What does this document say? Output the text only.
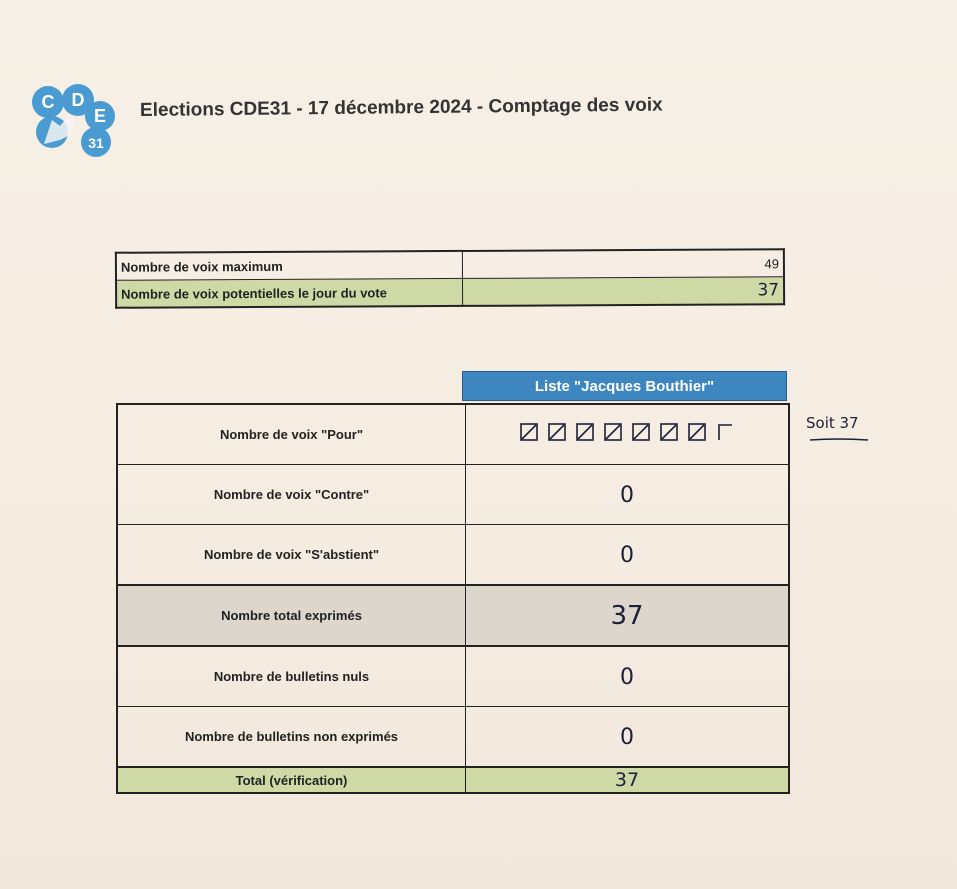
C D
E
31
Elections CDE31 - 17 décembre 2024 - Comptage des voix
Nombre de voix maximum	49
Nombre de voix potentielles le jour du vote	37
Liste "Jacques Bouthier"
Nombre de voix "Pour"	

Nombre de voix "Contre"	0
Nombre de voix "S'abstient"	0
Nombre total exprimés	37
Nombre de bulletins nuls	0
Nombre de bulletins non exprimés	0
Total (vérification)	37
Soit 37
